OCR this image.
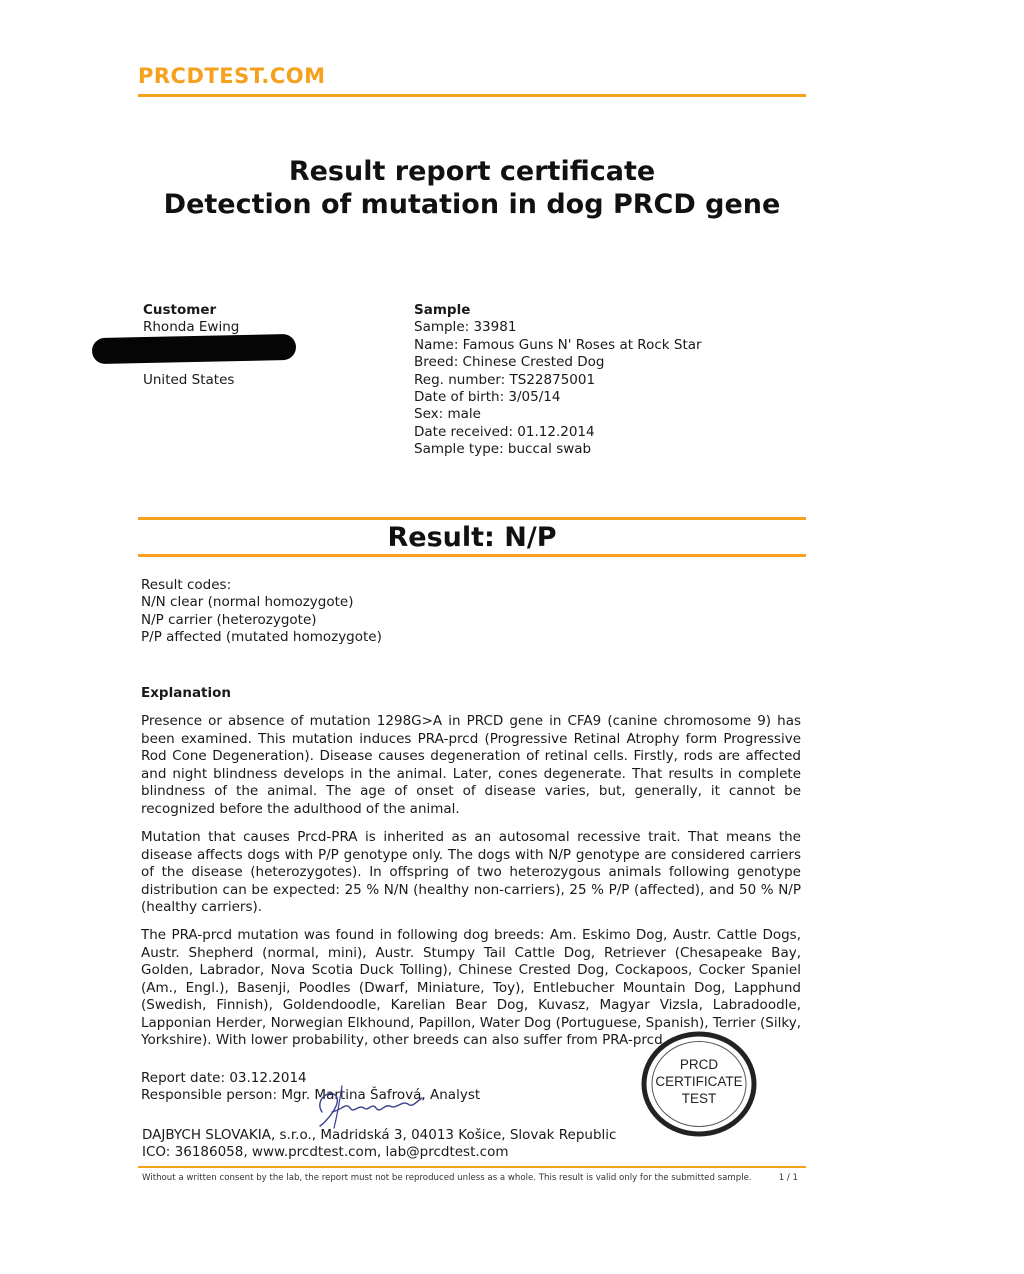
PRCDTEST.COM
Result report certificate
Detection of mutation in dog PRCD gene
Customer
Rhonda Ewing
United States
Sample
Sample: 33981
Name: Famous Guns N' Roses at Rock Star
Breed: Chinese Crested Dog
Reg. number: TS22875001
Date of birth: 3/05/14
Sex: male
Date received: 01.12.2014
Sample type: buccal swab
Result: N/P
Result codes:
N/N clear (normal homozygote)
N/P carrier (heterozygote)
P/P affected (mutated homozygote)
Explanation
Presence or absence of mutation 1298G>A in PRCD gene in CFA9 (canine chromosome 9) has been examined. This mutation induces PRA-prcd (Progressive Retinal Atrophy form Progressive Rod Cone Degeneration). Disease causes degeneration of retinal cells. Firstly, rods are affected and night blindness develops in the animal. Later, cones degenerate. That results in complete blindness of the animal. The age of onset of disease varies, but, generally, it cannot be recognized before the adulthood of the animal.
Mutation that causes Prcd-PRA is inherited as an autosomal recessive trait. That means the disease affects dogs with P/P genotype only. The dogs with N/P genotype are considered carriers of the disease (heterozygotes). In offspring of two heterozygous animals following genotype distribution can be expected: 25 % N/N (healthy non-carriers), 25 % P/P (affected), and 50 % N/P (healthy carriers).
The PRA-prcd mutation was found in following dog breeds: Am. Eskimo Dog, Austr. Cattle Dogs, Austr. Shepherd (normal, mini), Austr. Stumpy Tail Cattle Dog, Retriever (Chesapeake Bay, Golden, Labrador, Nova Scotia Duck Tolling), Chinese Crested Dog, Cockapoos, Cocker Spaniel (Am., Engl.), Basenji, Poodles (Dwarf, Miniature, Toy), Entlebucher Mountain Dog, Lapphund (Swedish, Finnish), Goldendoodle, Karelian Bear Dog, Kuvasz, Magyar Vizsla, Labradoodle, Lapponian Herder, Norwegian Elkhound, Papillon, Water Dog (Portuguese, Spanish), Terrier (Silky, Yorkshire). With lower probability, other breeds can also suffer from PRA-prcd.
Report date: 03.12.2014
Responsible person: Mgr. Martina Šafrová, Analyst
DAJBYCH SLOVAKIA, s.r.o., Madridská 3, 04013 Košice, Slovak Republic
ICO: 36186058, www.prcdtest.com, lab@prcdtest.com
PRCD
CERTIFICATE
TEST
Without a written consent by the lab, the report must not be reproduced unless as a whole. This result is valid only for the submitted sample.	1 / 1
